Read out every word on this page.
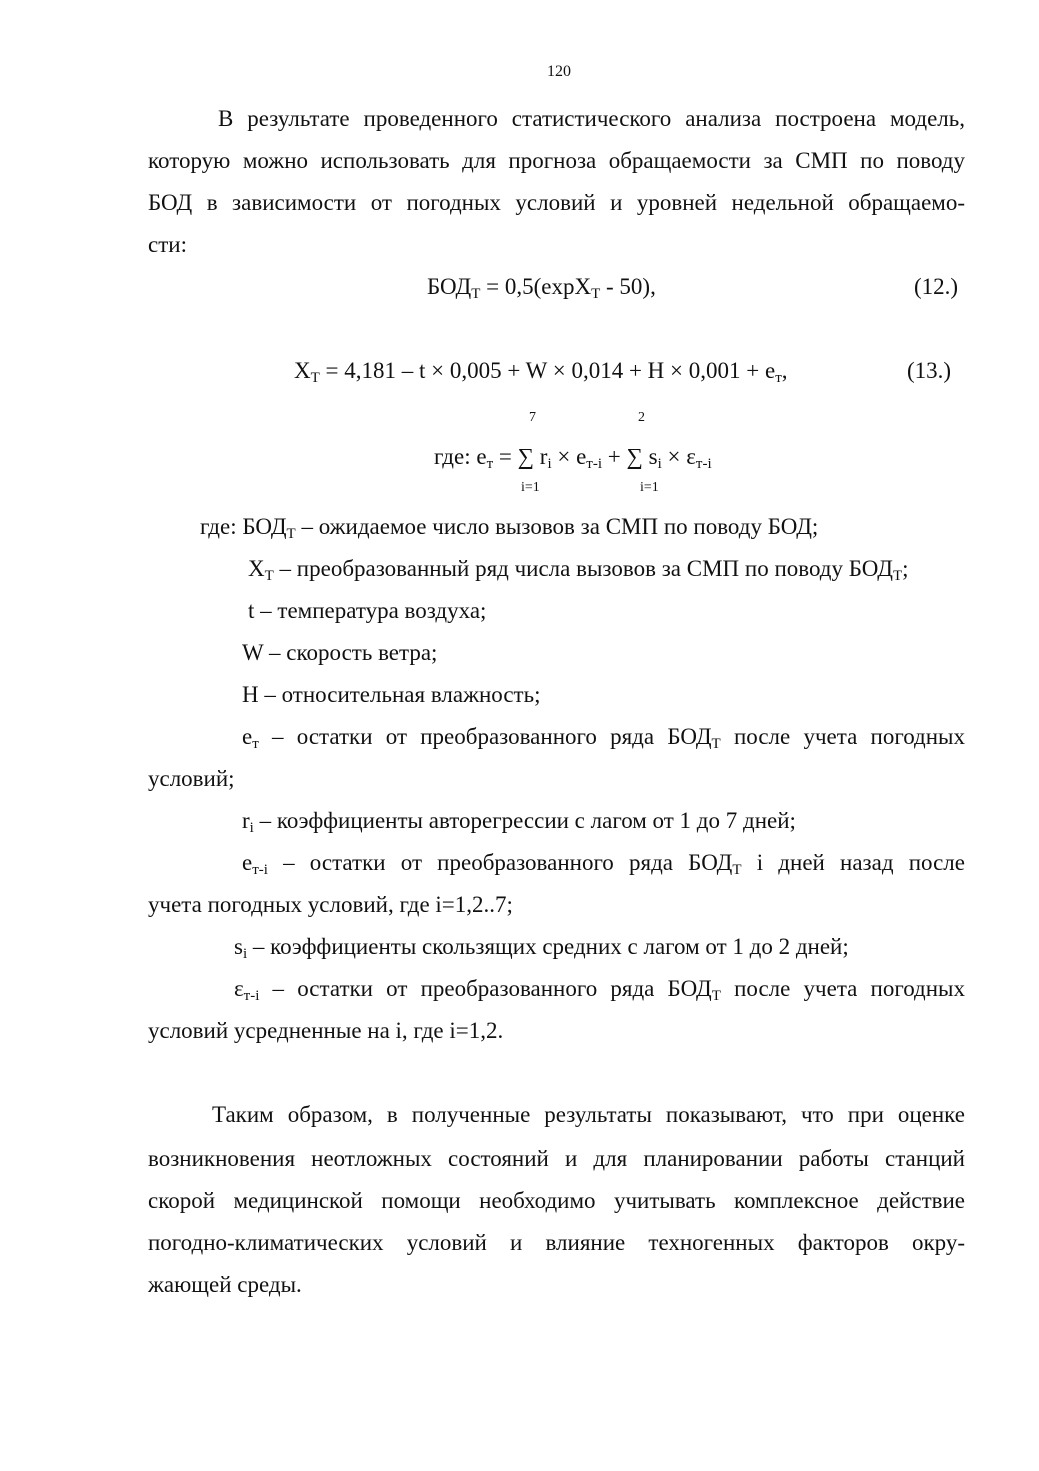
120
В результате проведенного статистического анализа построена модель,
которую можно использовать для прогноза обращаемости за СМП по поводу
БОД в зависимости от погодных условий и уровней недельной обращаемо-
сти:
$БОД_Т = 0,5(\exp X_Т - 50)$,	(12.)
$X_Т = 4,181 - t \times 0,005 + W \times 0,014 + H \times 0,001 + e_т$,	(13.)
7	2
где: $e_т$ = ∑ $r_i \times e_{т-i}$ + ∑ $s_i \times \varepsilon_{т-i}$
i=1	i=1
где: $БОД_Т$ – ожидаемое число вызовов за СМП по поводу БОД;
$X_Т$ – преобразованный ряд числа вызовов за СМП по поводу $БОД_Т$;
t – температура воздуха;
W – скорость ветра;
H – относительная влажность;
$e_т$ – остатки от преобразованного ряда $БОД_Т$ после учета погодных
условий;
$r_i$ – коэффициенты авторегрессии с лагом от 1 до 7 дней;
$e_{т-i}$ – остатки от преобразованного ряда $БОД_Т$ i дней назад после
учета погодных условий, где i=1,2..7;
$s_i$ – коэффициенты скользящих средних с лагом от 1 до 2 дней;
$\varepsilon_{т-i}$ – остатки от преобразованного ряда $БОД_Т$ после учета погодных
условий усредненные на i, где i=1,2.
Таким образом, в полученные результаты показывают, что при оценке
возникновения неотложных состояний и для планировании работы станций
скорой медицинской помощи необходимо учитывать комплексное действие
погодно-климатических условий и влияние техногенных факторов окру-
жающей среды.
